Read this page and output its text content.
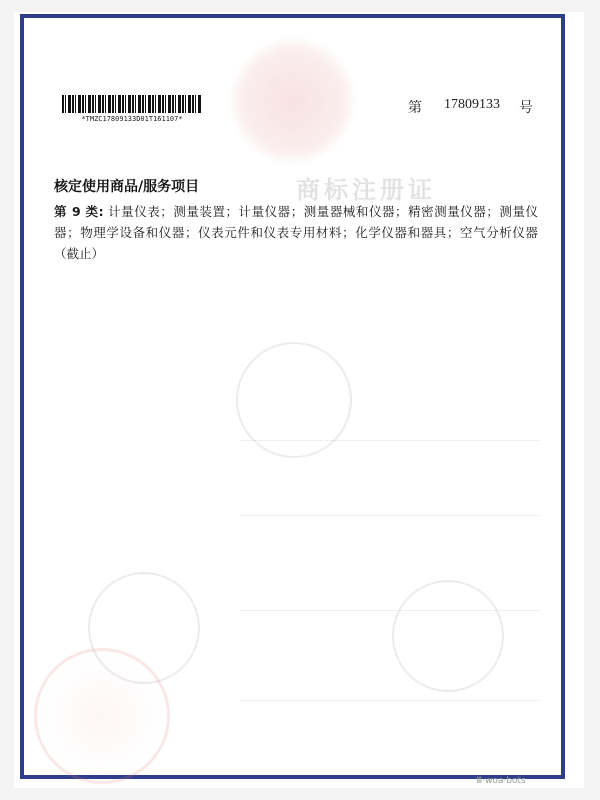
商标注册证
*TMZC17809133D01T161107*
第 17809133 号
核定使用商品/服务项目
第 9 类: 计量仪表；测量装置；计量仪器；测量器械和仪器；精密测量仪器；测量仪器；物理学设备和仪器；仪表元件和仪表专用材料；化学仪器和器具；空气分析仪器（截止）
Ⅲ·woa·bots
